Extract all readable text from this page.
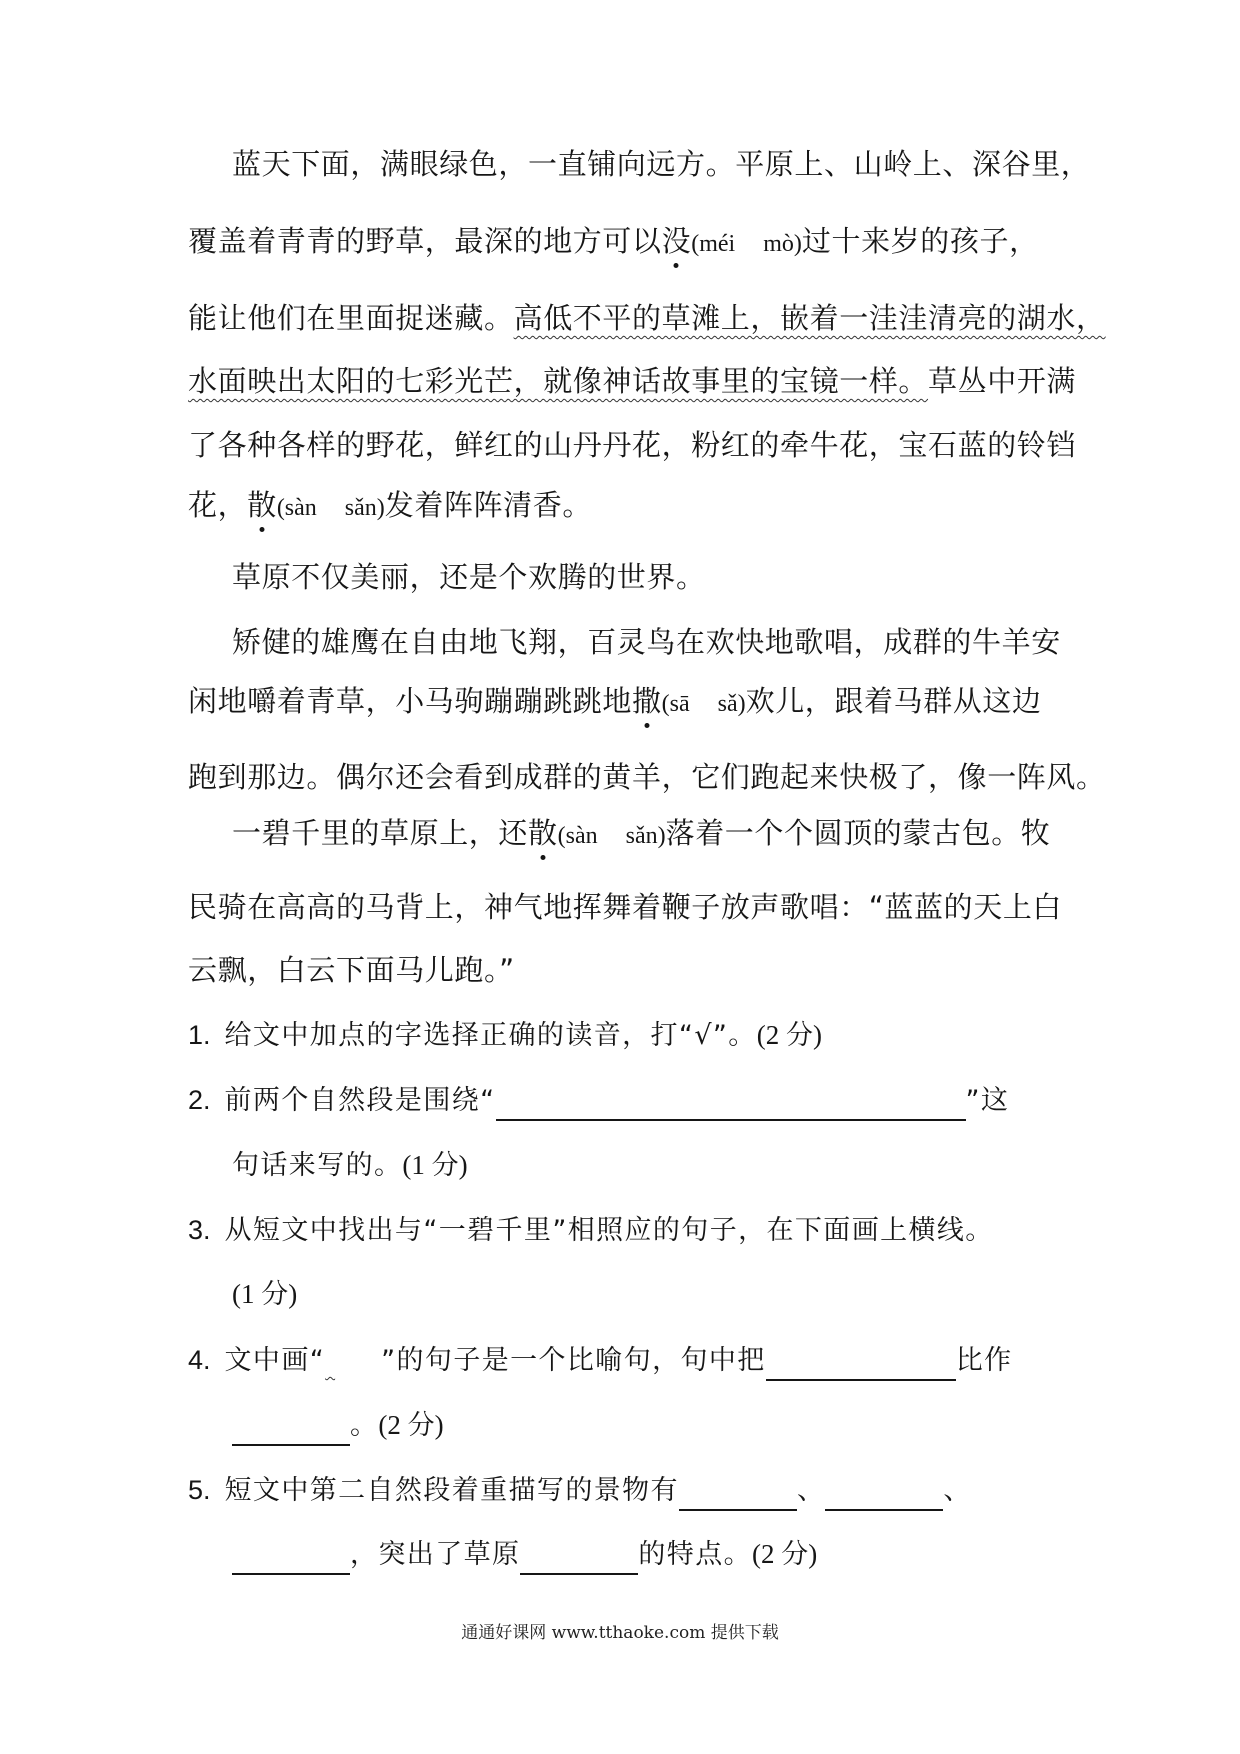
蓝天下面，满眼绿色，一直铺向远方。平原上、山岭上、深谷里，
覆盖着青青的野草，最深的地方可以没(méi mò)过十来岁的孩子，
能让他们在里面捉迷藏。高低不平的草滩上，嵌着一洼洼清亮的湖水，
水面映出太阳的七彩光芒，就像神话故事里的宝镜一样。草丛中开满
了各种各样的野花，鲜红的山丹丹花，粉红的牵牛花，宝石蓝的铃铛
花，散(sàn sǎn)发着阵阵清香。
草原不仅美丽，还是个欢腾的世界。
矫健的雄鹰在自由地飞翔，百灵鸟在欢快地歌唱，成群的牛羊安
闲地嚼着青草，小马驹蹦蹦跳跳地撒(sā sǎ)欢儿，跟着马群从这边
跑到那边。偶尔还会看到成群的黄羊，它们跑起来快极了，像一阵风。
一碧千里的草原上，还散(sàn sǎn)落着一个个圆顶的蒙古包。牧
民骑在高高的马背上，神气地挥舞着鞭子放声歌唱：“蓝蓝的天上白
云飘，白云下面马儿跑。”
1. 给文中加点的字选择正确的读音，打“√”。(2 分)
2. 前两个自然段是围绕“	”这
句话来写的。(1 分)
3. 从短文中找出与“一碧千里”相照应的句子，在下面画上横线。
(1 分)
4. 文中画“ ”的句子是一个比喻句，句中把	比作
。(2 分)
5. 短文中第二自然段着重描写的景物有	、	、
，突出了草原	的特点。(2 分)
通通好课网 www.tthaoke.com 提供下载
